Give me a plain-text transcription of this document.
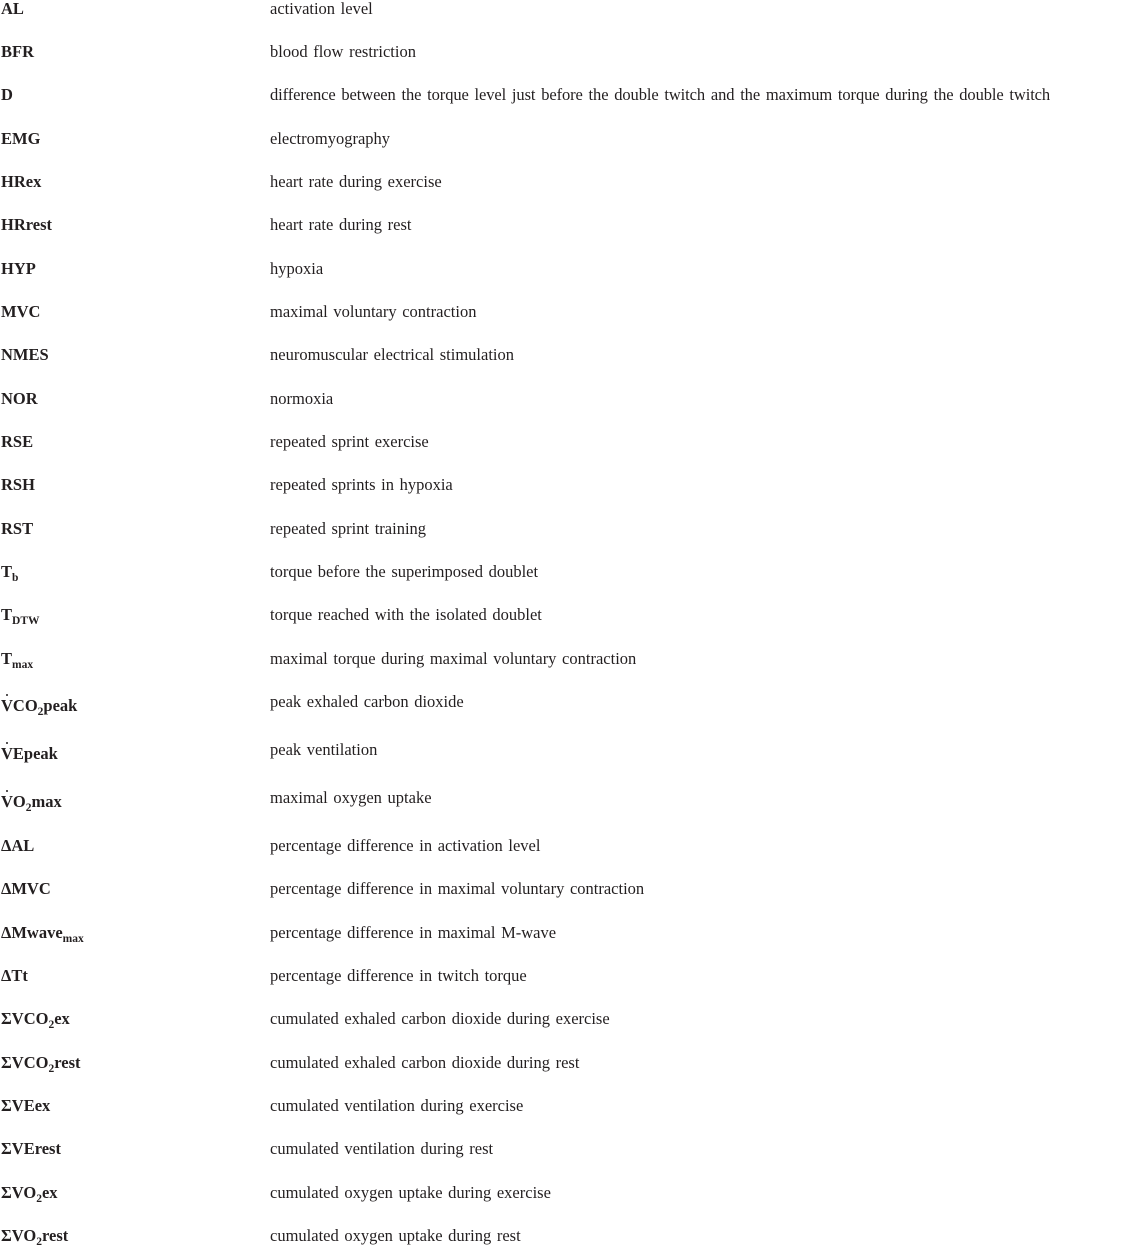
AL	activation level
BFR	blood flow restriction
D	difference between the torque level just before the double twitch and the maximum torque during the double twitch
EMG	electromyography
HRex	heart rate during exercise
HRrest	heart rate during rest
HYP	hypoxia
MVC	maximal voluntary contraction
NMES	neuromuscular electrical stimulation
NOR	normoxia
RSE	repeated sprint exercise
RSH	repeated sprints in hypoxia
RST	repeated sprint training
$T_b$	torque before the superimposed doublet
$T_{DTW}$	torque reached with the isolated doublet
$T_{max}$	maximal torque during maximal voluntary contraction
$VCO_2peak$	peak exhaled carbon dioxide
VEpeak	peak ventilation
$VO_2\max$	maximal oxygen uptake
ΔAL	percentage difference in activation level
ΔMVC	percentage difference in maximal voluntary contraction
ΔMwave$_{max}$	percentage difference in maximal M-wave
ΔTt	percentage difference in twitch torque
$\Sigma VCO_2ex$	cumulated exhaled carbon dioxide during exercise
$\Sigma VCO_2rest$	cumulated exhaled carbon dioxide during rest
ΣVEex	cumulated ventilation during exercise
ΣVErest	cumulated ventilation during rest
$\Sigma VO_2ex$	cumulated oxygen uptake during exercise
$\Sigma VO_2rest$	cumulated oxygen uptake during rest
